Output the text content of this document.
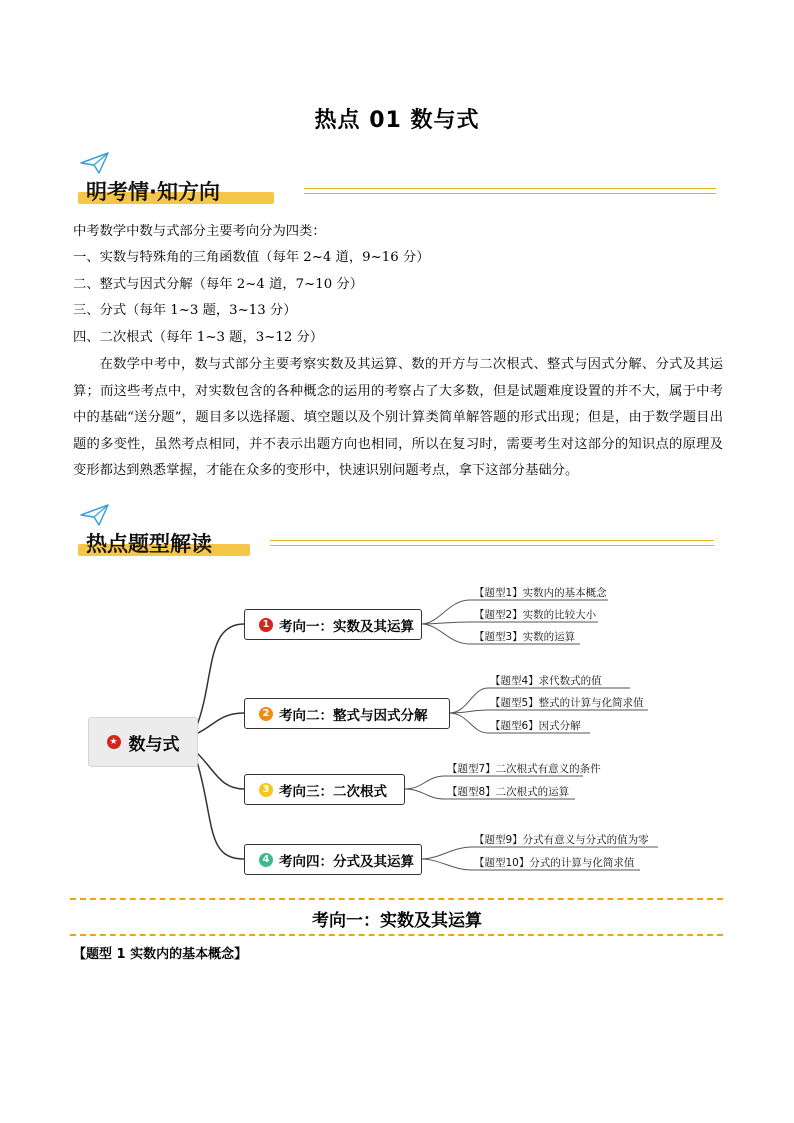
热点 01 数与式
明考情·知方向
中考数学中数与式部分主要考向分为四类：
一、实数与特殊角的三角函数值（每年 2~4 道，9~16 分）
二、整式与因式分解（每年 2~4 道，7~10 分）
三、分式（每年 1~3 题，3~13 分）
四、二次根式（每年 1~3 题，3~12 分）
在数学中考中，数与式部分主要考察实数及其运算、数的开方与二次根式、整式与因式分解、分式及其运算；而这些考点中，对实数包含的各种概念的运用的考察占了大多数，但是试题难度设置的并不大，属于中考中的基础“送分题”，题目多以选择题、填空题以及个别计算类简单解答题的形式出现；但是，由于数学题目出题的多变性，虽然考点相同，并不表示出题方向也相同，所以在复习时，需要考生对这部分的知识点的原理及变形都达到熟悉掌握，才能在众多的变形中，快速识别问题考点，拿下这部分基础分。
热点题型解读
★ 数与式
1 考向一：实数及其运算
2 考向二：整式与因式分解
3 考向三：二次根式
4 考向四：分式及其运算
【题型1】实数内的基本概念
【题型2】实数的比较大小
【题型3】实数的运算
【题型4】求代数式的值
【题型5】整式的计算与化简求值
【题型6】因式分解
【题型7】二次根式有意义的条件
【题型8】二次根式的运算
【题型9】分式有意义与分式的值为零
【题型10】分式的计算与化简求值
考向一：实数及其运算
【题型 1 实数内的基本概念】
